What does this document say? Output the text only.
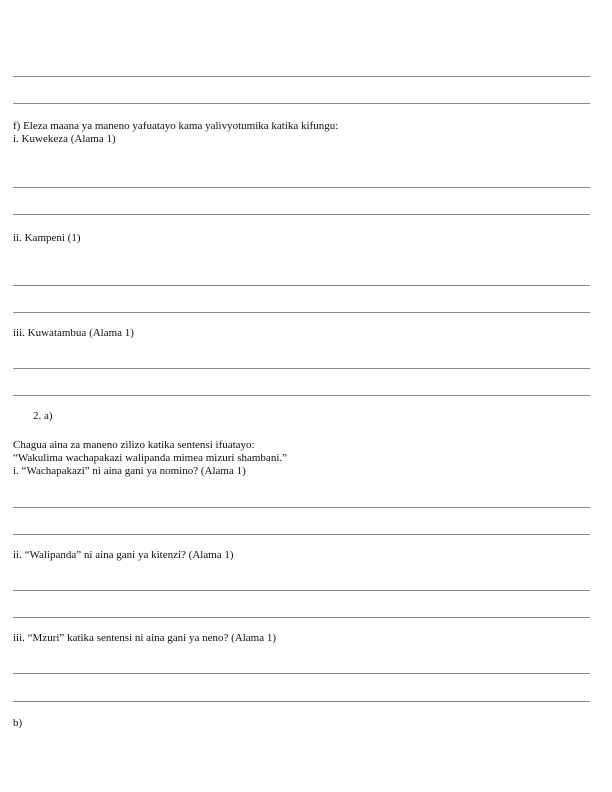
f) Eleza maana ya maneno yafuatayo kama yalivyotumika katika kifungu:
i. Kuwekeza (Alama 1)
ii. Kampeni (1)
iii. Kuwatambua (Alama 1)
2. a)
Chagua aina za maneno zilizo katika sentensi ifuatayo:
“Wakulima wachapakazi walipanda mimea mizuri shambani.”
i. “Wachapakazi” ni aina gani ya nomino? (Alama 1)
ii. “Walipanda” ni aina gani ya kitenzi? (Alama 1)
iii. “Mzuri” katika sentensi ni aina gani ya neno? (Alama 1)
b)
